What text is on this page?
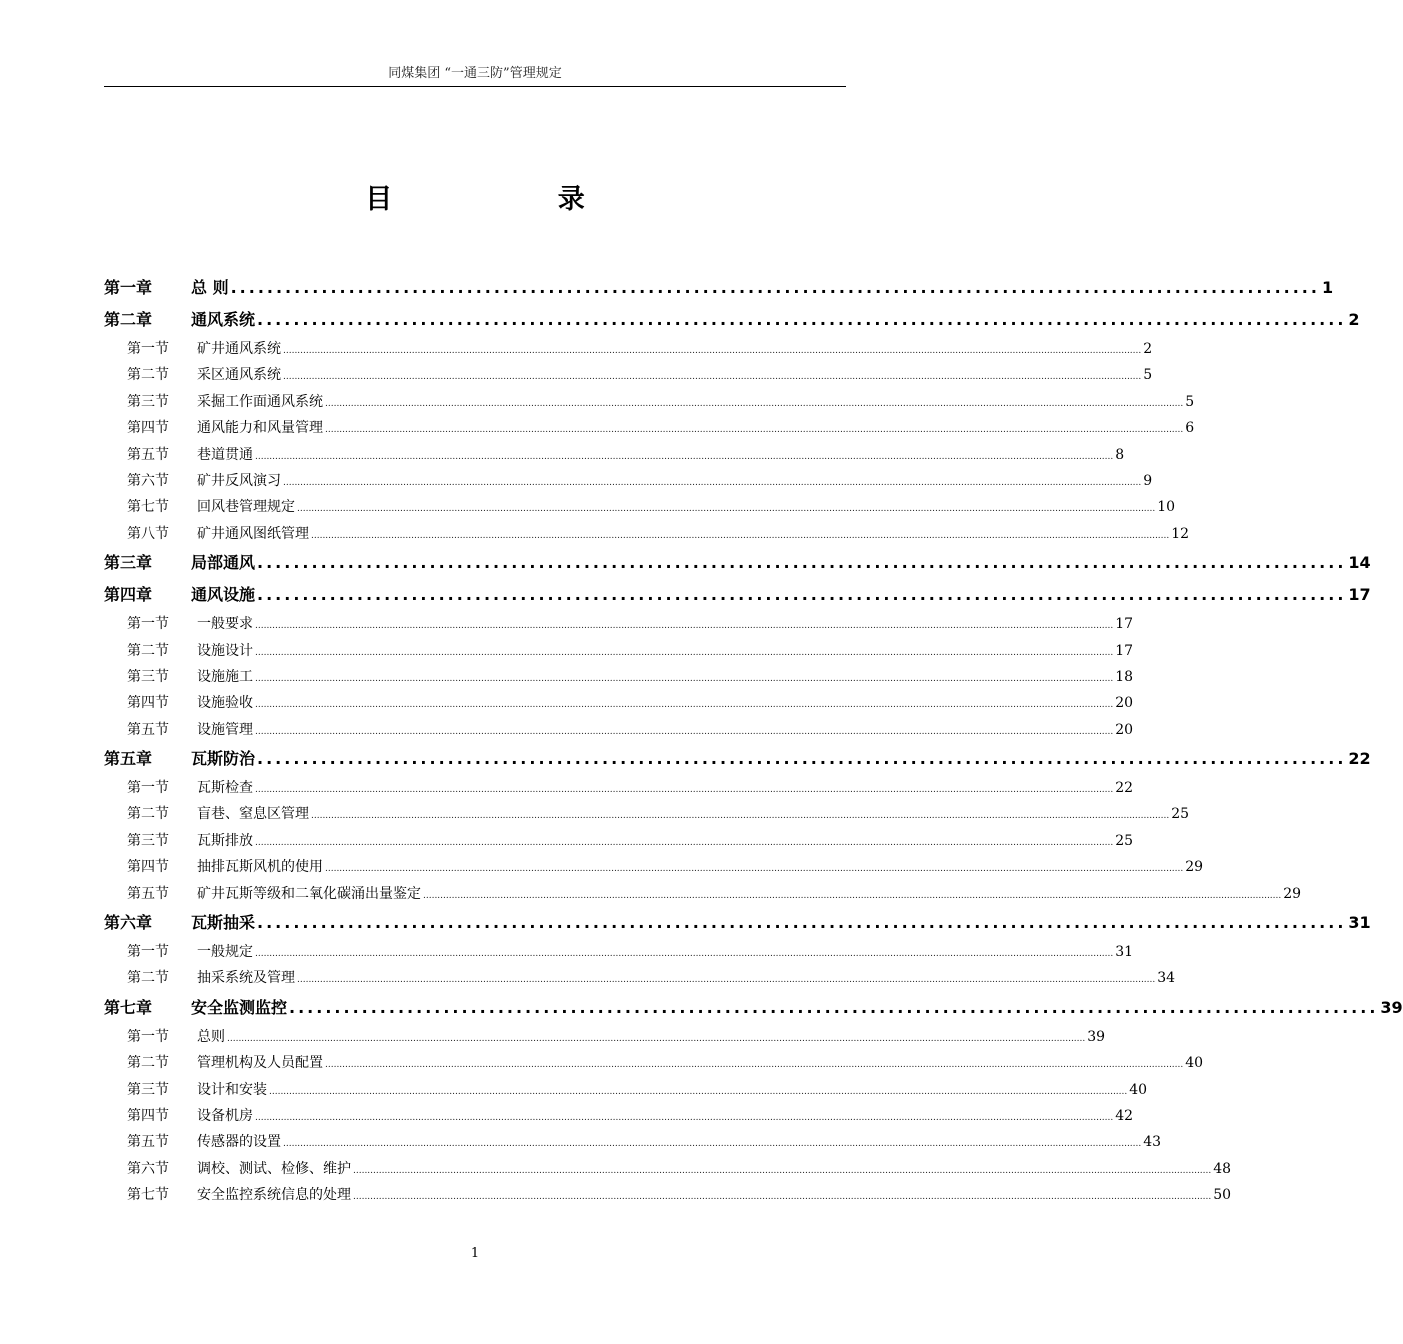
同煤集团 “一通三防”管理规定
目 录
第一章	总 则 ........................................................................................................................ 1
第二章	通风系统 ........................................................................................................................ 2
第一节	矿井通风系统 ............................................................................................................................................................................................................................................................................................................ 2
第二节	采区通风系统 ............................................................................................................................................................................................................................................................................................................ 5
第三节	采掘工作面通风系统 ............................................................................................................................................................................................................................................................................................................ 5
第四节	通风能力和风量管理 ............................................................................................................................................................................................................................................................................................................ 6
第五节	巷道贯通 ............................................................................................................................................................................................................................................................................................................ 8
第六节	矿井反风演习 ............................................................................................................................................................................................................................................................................................................ 9
第七节	回风巷管理规定 ............................................................................................................................................................................................................................................................................................................ 10
第八节	矿井通风图纸管理 ............................................................................................................................................................................................................................................................................................................ 12
第三章	局部通风 ........................................................................................................................ 14
第四章	通风设施 ........................................................................................................................ 17
第一节	一般要求 ............................................................................................................................................................................................................................................................................................................ 17
第二节	设施设计 ............................................................................................................................................................................................................................................................................................................ 17
第三节	设施施工 ............................................................................................................................................................................................................................................................................................................ 18
第四节	设施验收 ............................................................................................................................................................................................................................................................................................................ 20
第五节	设施管理 ............................................................................................................................................................................................................................................................................................................ 20
第五章	瓦斯防治 ........................................................................................................................ 22
第一节	瓦斯检查 ............................................................................................................................................................................................................................................................................................................ 22
第二节	盲巷、窒息区管理 ............................................................................................................................................................................................................................................................................................................ 25
第三节	瓦斯排放 ............................................................................................................................................................................................................................................................................................................ 25
第四节	抽排瓦斯风机的使用 ............................................................................................................................................................................................................................................................................................................ 29
第五节	矿井瓦斯等级和二氧化碳涌出量鉴定 ............................................................................................................................................................................................................................................................................................................ 29
第六章	瓦斯抽采 ........................................................................................................................ 31
第一节	一般规定 ............................................................................................................................................................................................................................................................................................................ 31
第二节	抽采系统及管理 ............................................................................................................................................................................................................................................................................................................ 34
第七章	安全监测监控 ........................................................................................................................ 39
第一节	总则 ............................................................................................................................................................................................................................................................................................................ 39
第二节	管理机构及人员配置 ............................................................................................................................................................................................................................................................................................................ 40
第三节	设计和安装 ............................................................................................................................................................................................................................................................................................................ 40
第四节	设备机房 ............................................................................................................................................................................................................................................................................................................ 42
第五节	传感器的设置 ............................................................................................................................................................................................................................................................................................................ 43
第六节	调校、测试、检修、维护 ............................................................................................................................................................................................................................................................................................................ 48
第七节	安全监控系统信息的处理 ............................................................................................................................................................................................................................................................................................................ 50
1
